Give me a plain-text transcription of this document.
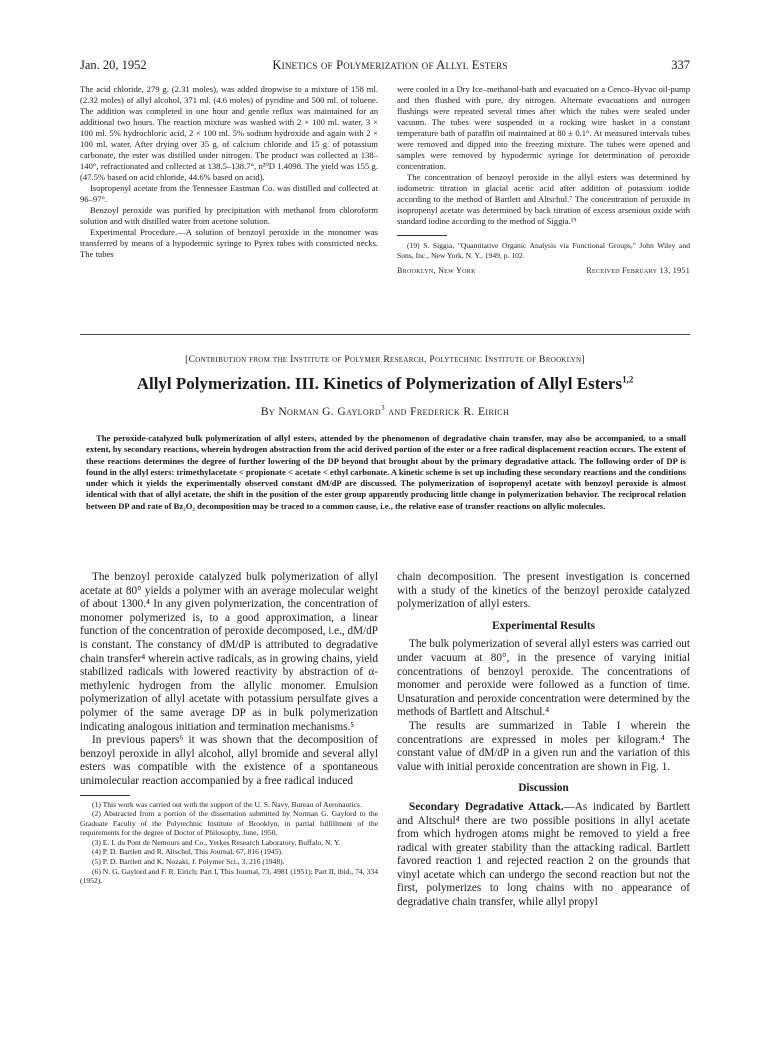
Jan. 20, 1952	Kinetics of Polymerization of Allyl Esters	337

The acid chloride, 279 g. (2.31 moles), was added dropwise to a mixture of 158 ml. (2.32 moles) of allyl alcohol, 371 ml. (4.6 moles) of pyridine and 500 ml. of toluene. The addition was completed in one hour and gentle reflux was maintained for an additional two hours. The reaction mixture was washed with 2 × 100 ml. water, 3 × 100 ml. 5% hydrochloric acid, 2 × 100 ml. 5% sodium hydroxide and again with 2 × 100 ml. water. After drying over 35 g. of calcium chloride and 15 g. of potassium carbonate, the ester was distilled under nitrogen. The product was collected at 138–140°, refractionated and collected at 138.5–138.7°, n²⁰D 1.4098. The yield was 155 g. (47.5% based on acid chloride, 44.6% based on acid).

Isopropenyl acetate from the Tennessee Eastman Co. was distilled and collected at 96–97°.

Benzoyl peroxide was purified by precipitation with methanol from chloroform solution and with distilled water from acetone solution.

Experimental Procedure.—A solution of benzoyl peroxide in the monomer was transferred by means of a hypodermic syringe to Pyrex tubes with constricted necks. The tubes

were cooled in a Dry Ice–methanol-bath and evacuated on a Cenco–Hyvac oil-pump and then flushed with pure, dry nitrogen. Alternate evacuations and nitrogen flushings were repeated several times after which the tubes were sealed under vacuum. The tubes were suspended in a rocking wire basket in a constant temperature bath of paraffin oil maintained at 80 ± 0.1°. At measured intervals tubes were removed and dipped into the freezing mixture. The tubes were opened and samples were removed by hypodermic syringe for determination of peroxide concentration.

The concentration of benzoyl peroxide in the allyl esters was determined by iodometric titration in glacial acetic acid after addition of potassium iodide according to the method of Bartlett and Altschul.⁷ The concentration of peroxide in isopropenyl acetate was determined by back titration of excess arsenious oxide with standard iodine according to the method of Siggia.¹⁹

(19) S. Siggia, "Quantitative Organic Analysis via Functional Groups," John Wiley and Sons, Inc., New York, N. Y., 1949, p. 102.

Brooklyn, New York	Received February 13, 1951
[Contribution from the Institute of Polymer Research, Polytechnic Institute of Brooklyn]
Allyl Polymerization. III. Kinetics of Polymerization of Allyl Esters$^{1,2}$
By Norman G. Gaylord$^3$ and Frederick R. Eirich
The peroxide-catalyzed bulk polymerization of allyl esters, attended by the phenomenon of degradative chain transfer, may also be accompanied, to a small extent, by secondary reactions, wherein hydrogen abstraction from the acid derived portion of the ester or a free radical displacement reaction occurs. The extent of these reactions determines the degree of further lowering of the DP beyond that brought about by the primary degradative attack. The following order of DP is found in the allyl esters: trimethylacetate < propionate < acetate < ethyl carbonate. A kinetic scheme is set up including these secondary reactions and the conditions under which it yields the experimentally observed constant dM/dP are discussed. The polymerization of isopropenyl acetate with benzoyl peroxide is almost identical with that of allyl acetate, the shift in the position of the ester group apparently producing little change in polymerization behavior. The reciprocal relation between DP and rate of Bz₂O₂ decomposition may be traced to a common cause, i.e., the relative ease of transfer reactions on allylic molecules.

The benzoyl peroxide catalyzed bulk polymerization of allyl acetate at 80° yields a polymer with an average molecular weight of about 1300.⁴ In any given polymerization, the concentration of monomer polymerized is, to a good approximation, a linear function of the concentration of peroxide decomposed, i.e., dM/dP is constant. The constancy of dM/dP is attributed to degradative chain transfer⁴ wherein active radicals, as in growing chains, yield stabilized radicals with lowered reactivity by abstraction of α-methylenic hydrogen from the allylic monomer. Emulsion polymerization of allyl acetate with potassium persulfate gives a polymer of the same average DP as in bulk polymerization indicating analogous initiation and termination mechanisms.⁵

In previous papers⁶ it was shown that the decomposition of benzoyl peroxide in allyl alcohol, allyl bromide and several allyl esters was compatible with the existence of a spontaneous unimolecular reaction accompanied by a free radical induced

(1) This work was carried out with the support of the U. S. Navy, Bureau of Aeronautics.

(2) Abstracted from a portion of the dissertation submitted by Norman G. Gaylord to the Graduate Faculty of the Polytechnic Institute of Brooklyn, in partial fulfillment of the requirements for the degree of Doctor of Philosophy, June, 1950.

(3) E. I. du Pont de Nemours and Co., Yerkes Research Laboratory, Buffalo, N. Y.

(4) P. D. Bartlett and R. Altschul, This Journal, 67, 816 (1945).

(5) P. D. Bartlett and K. Nozaki, J. Polymer Sci., 3, 216 (1948).

(6) N. G. Gaylord and F. R. Eirich; Part I, This Journal, 73, 4981 (1951); Part II, ibid., 74, 334 (1952).

chain decomposition. The present investigation is concerned with a study of the kinetics of the benzoyl peroxide catalyzed polymerization of allyl esters.

Experimental Results

The bulk polymerization of several allyl esters was carried out under vacuum at 80°, in the presence of varying initial concentrations of benzoyl peroxide. The concentrations of monomer and peroxide were followed as a function of time. Unsaturation and peroxide concentration were determined by the methods of Bartlett and Altschul.⁴

The results are summarized in Table I wherein the concentrations are expressed in moles per kilogram.⁴ The constant value of dM/dP in a given run and the variation of this value with initial peroxide concentration are shown in Fig. 1.

Discussion

Secondary Degradative Attack.—As indicated by Bartlett and Altschul⁴ there are two possible positions in allyl acetate from which hydrogen atoms might be removed to yield a free radical with greater stability than the attacking radical. Bartlett favored reaction 1 and rejected reaction 2 on the grounds that vinyl acetate which can undergo the second reaction but not the first, polymerizes to long chains with no appearance of degradative chain transfer, while allyl propyl
